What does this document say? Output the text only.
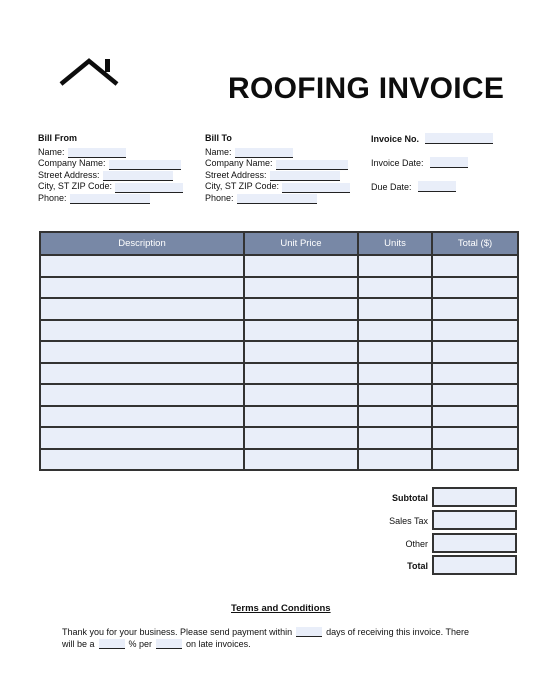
ROOFING INVOICE
Bill From
Name:
Company Name:
Street Address:
City, ST ZIP Code:
Phone:
Bill To
Name:
Company Name:
Street Address:
City, ST ZIP Code:
Phone:
Invoice No.
Invoice Date:
Due Date:
Description	Unit Price	Units	Total ($)

Subtotal
Sales Tax
Other
Total
Terms and Conditions
Thank you for your business. Please send payment within	days of receiving this invoice. There
will be a	% per	on late invoices.
